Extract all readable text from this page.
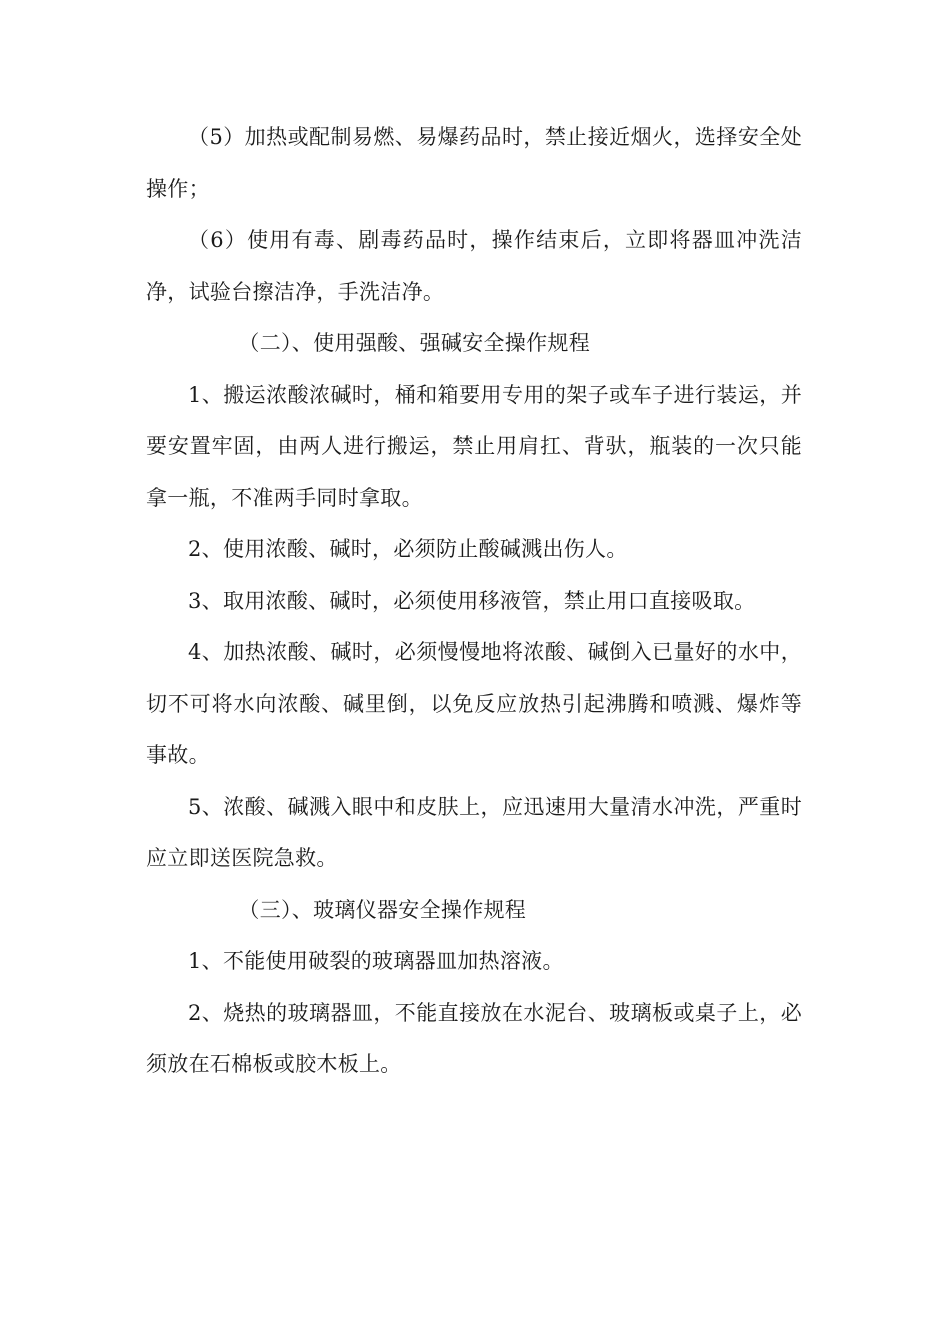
（5）加热或配制易燃、易爆药品时，禁止接近烟火，选择安全处操作；

（6）使用有毒、剧毒药品时，操作结束后，立即将器皿冲洗洁净，试验台擦洁净，手洗洁净。

（二）、使用强酸、强碱安全操作规程

1、搬运浓酸浓碱时，桶和箱要用专用的架子或车子进行装运，并要安置牢固，由两人进行搬运，禁止用肩扛、背驮，瓶装的一次只能拿一瓶，不准两手同时拿取。

2、使用浓酸、碱时，必须防止酸碱溅出伤人。

3、取用浓酸、碱时，必须使用移液管，禁止用口直接吸取。

4、加热浓酸、碱时，必须慢慢地将浓酸、碱倒入已量好的水中，切不可将水向浓酸、碱里倒，以免反应放热引起沸腾和喷溅、爆炸等事故。

5、浓酸、碱溅入眼中和皮肤上，应迅速用大量清水冲洗，严重时应立即送医院急救。

（三）、玻璃仪器安全操作规程

1、不能使用破裂的玻璃器皿加热溶液。

2、烧热的玻璃器皿，不能直接放在水泥台、玻璃板或桌子上，必须放在石棉板或胶木板上。
